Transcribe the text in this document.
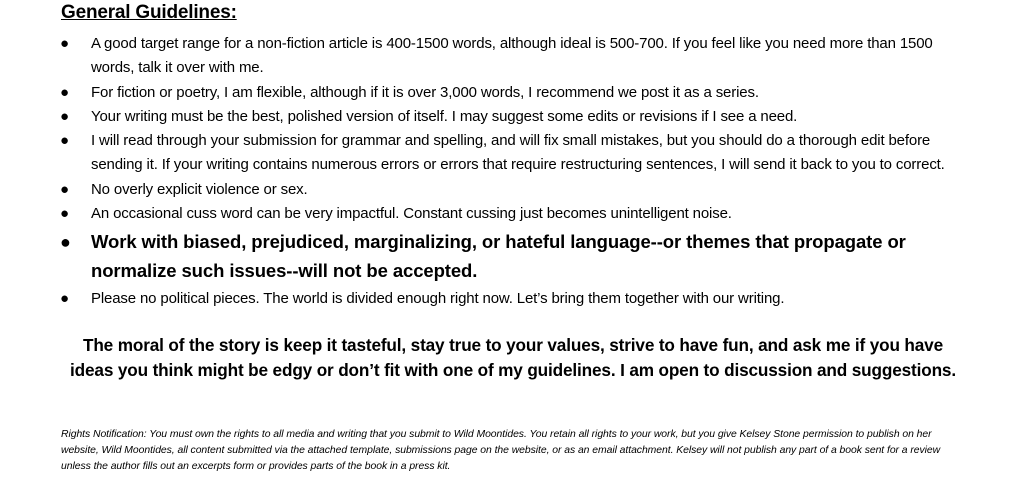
General Guidelines:
● A good target range for a non-fiction article is 400-1500 words, although ideal is 500-700. If you feel like you need more than 1500 words, talk it over with me.
● For fiction or poetry, I am flexible, although if it is over 3,000 words, I recommend we post it as a series.
● Your writing must be the best, polished version of itself. I may suggest some edits or revisions if I see a need.
● I will read through your submission for grammar and spelling, and will fix small mistakes, but you should do a thorough edit before sending it. If your writing contains numerous errors or errors that require restructuring sentences, I will send it back to you to correct.
● No overly explicit violence or sex.
● An occasional cuss word can be very impactful. Constant cussing just becomes unintelligent noise.
● Work with biased, prejudiced, marginalizing, or hateful language--or themes that propagate or normalize such issues--will not be accepted.
● Please no political pieces. The world is divided enough right now. Let’s bring them together with our writing.

The moral of the story is keep it tasteful, stay true to your values, strive to have fun, and ask me if you have ideas you think might be edgy or don’t fit with one of my guidelines. I am open to discussion and suggestions.

Rights Notification: You must own the rights to all media and writing that you submit to Wild Moontides. You retain all rights to your work, but you give Kelsey Stone permission to publish on her website, Wild Moontides, all content submitted via the attached template, submissions page on the website, or as an email attachment. Kelsey will not publish any part of a book sent for a review unless the author fills out an excerpts form or provides parts of the book in a press kit.
